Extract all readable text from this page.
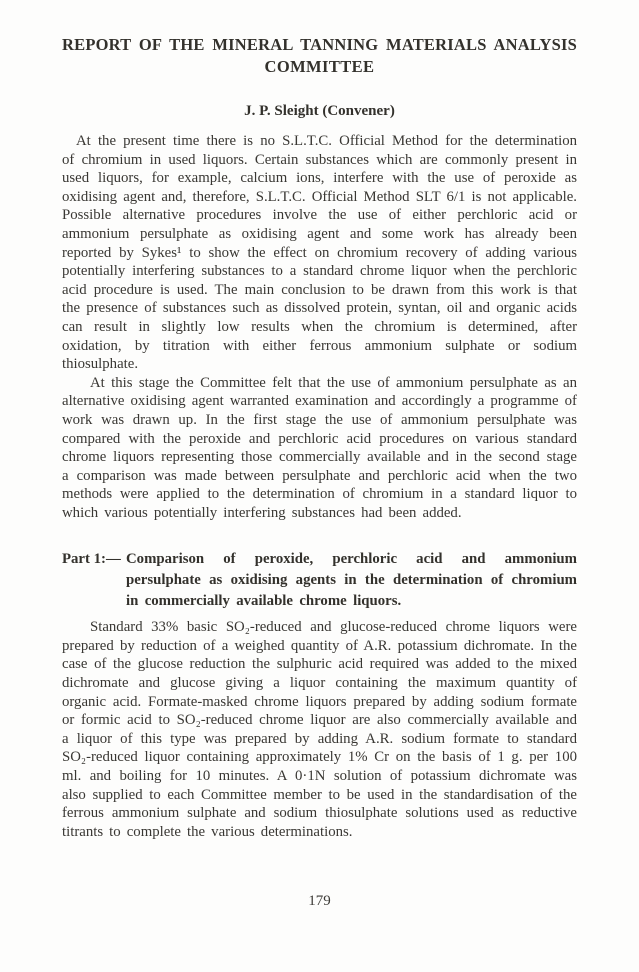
REPORT OF THE MINERAL TANNING MATERIALS ANALYSIS
COMMITTEE
J. P. Sleight (Convener)

At the present time there is no S.L.T.C. Official Method for the determination of chromium in used liquors. Certain substances which are commonly present in used liquors, for example, calcium ions, interfere with the use of peroxide as oxidising agent and, therefore, S.L.T.C. Official Method SLT 6/1 is not applicable. Possible alternative procedures involve the use of either perchloric acid or ammonium persulphate as oxidising agent and some work has already been reported by Sykes¹ to show the effect on chromium recovery of adding various potentially interfering substances to a standard chrome liquor when the perchloric acid procedure is used. The main conclusion to be drawn from this work is that the presence of substances such as dissolved protein, syntan, oil and organic acids can result in slightly low results when the chromium is determined, after oxidation, by titration with either ferrous ammonium sulphate or sodium thiosulphate.

At this stage the Committee felt that the use of ammonium persulphate as an alternative oxidising agent warranted examination and accordingly a programme of work was drawn up. In the first stage the use of ammonium persulphate was compared with the peroxide and perchloric acid procedures on various standard chrome liquors representing those commercially available and in the second stage a comparison was made between persulphate and perchloric acid when the two methods were applied to the determination of chromium in a standard liquor to which various potentially interfering substances had been added.

Part 1:— Comparison of peroxide, perchloric acid and ammonium persulphate as oxidising agents in the determination of chromium in commercially available chrome liquors.

Standard 33% basic SO₂-reduced and glucose-reduced chrome liquors were prepared by reduction of a weighed quantity of A.R. potassium dichromate. In the case of the glucose reduction the sulphuric acid required was added to the mixed dichromate and glucose giving a liquor containing the maximum quantity of organic acid. Formate-masked chrome liquors prepared by adding sodium formate or formic acid to SO₂-reduced chrome liquor are also commercially available and a liquor of this type was prepared by adding A.R. sodium formate to standard SO₂-reduced liquor containing approximately 1% Cr on the basis of 1 g. per 100 ml. and boiling for 10 minutes. A 0·1N solution of potassium dichromate was also supplied to each Committee member to be used in the standardisation of the ferrous ammonium sulphate and sodium thiosulphate solutions used as reductive titrants to complete the various determinations.

179
